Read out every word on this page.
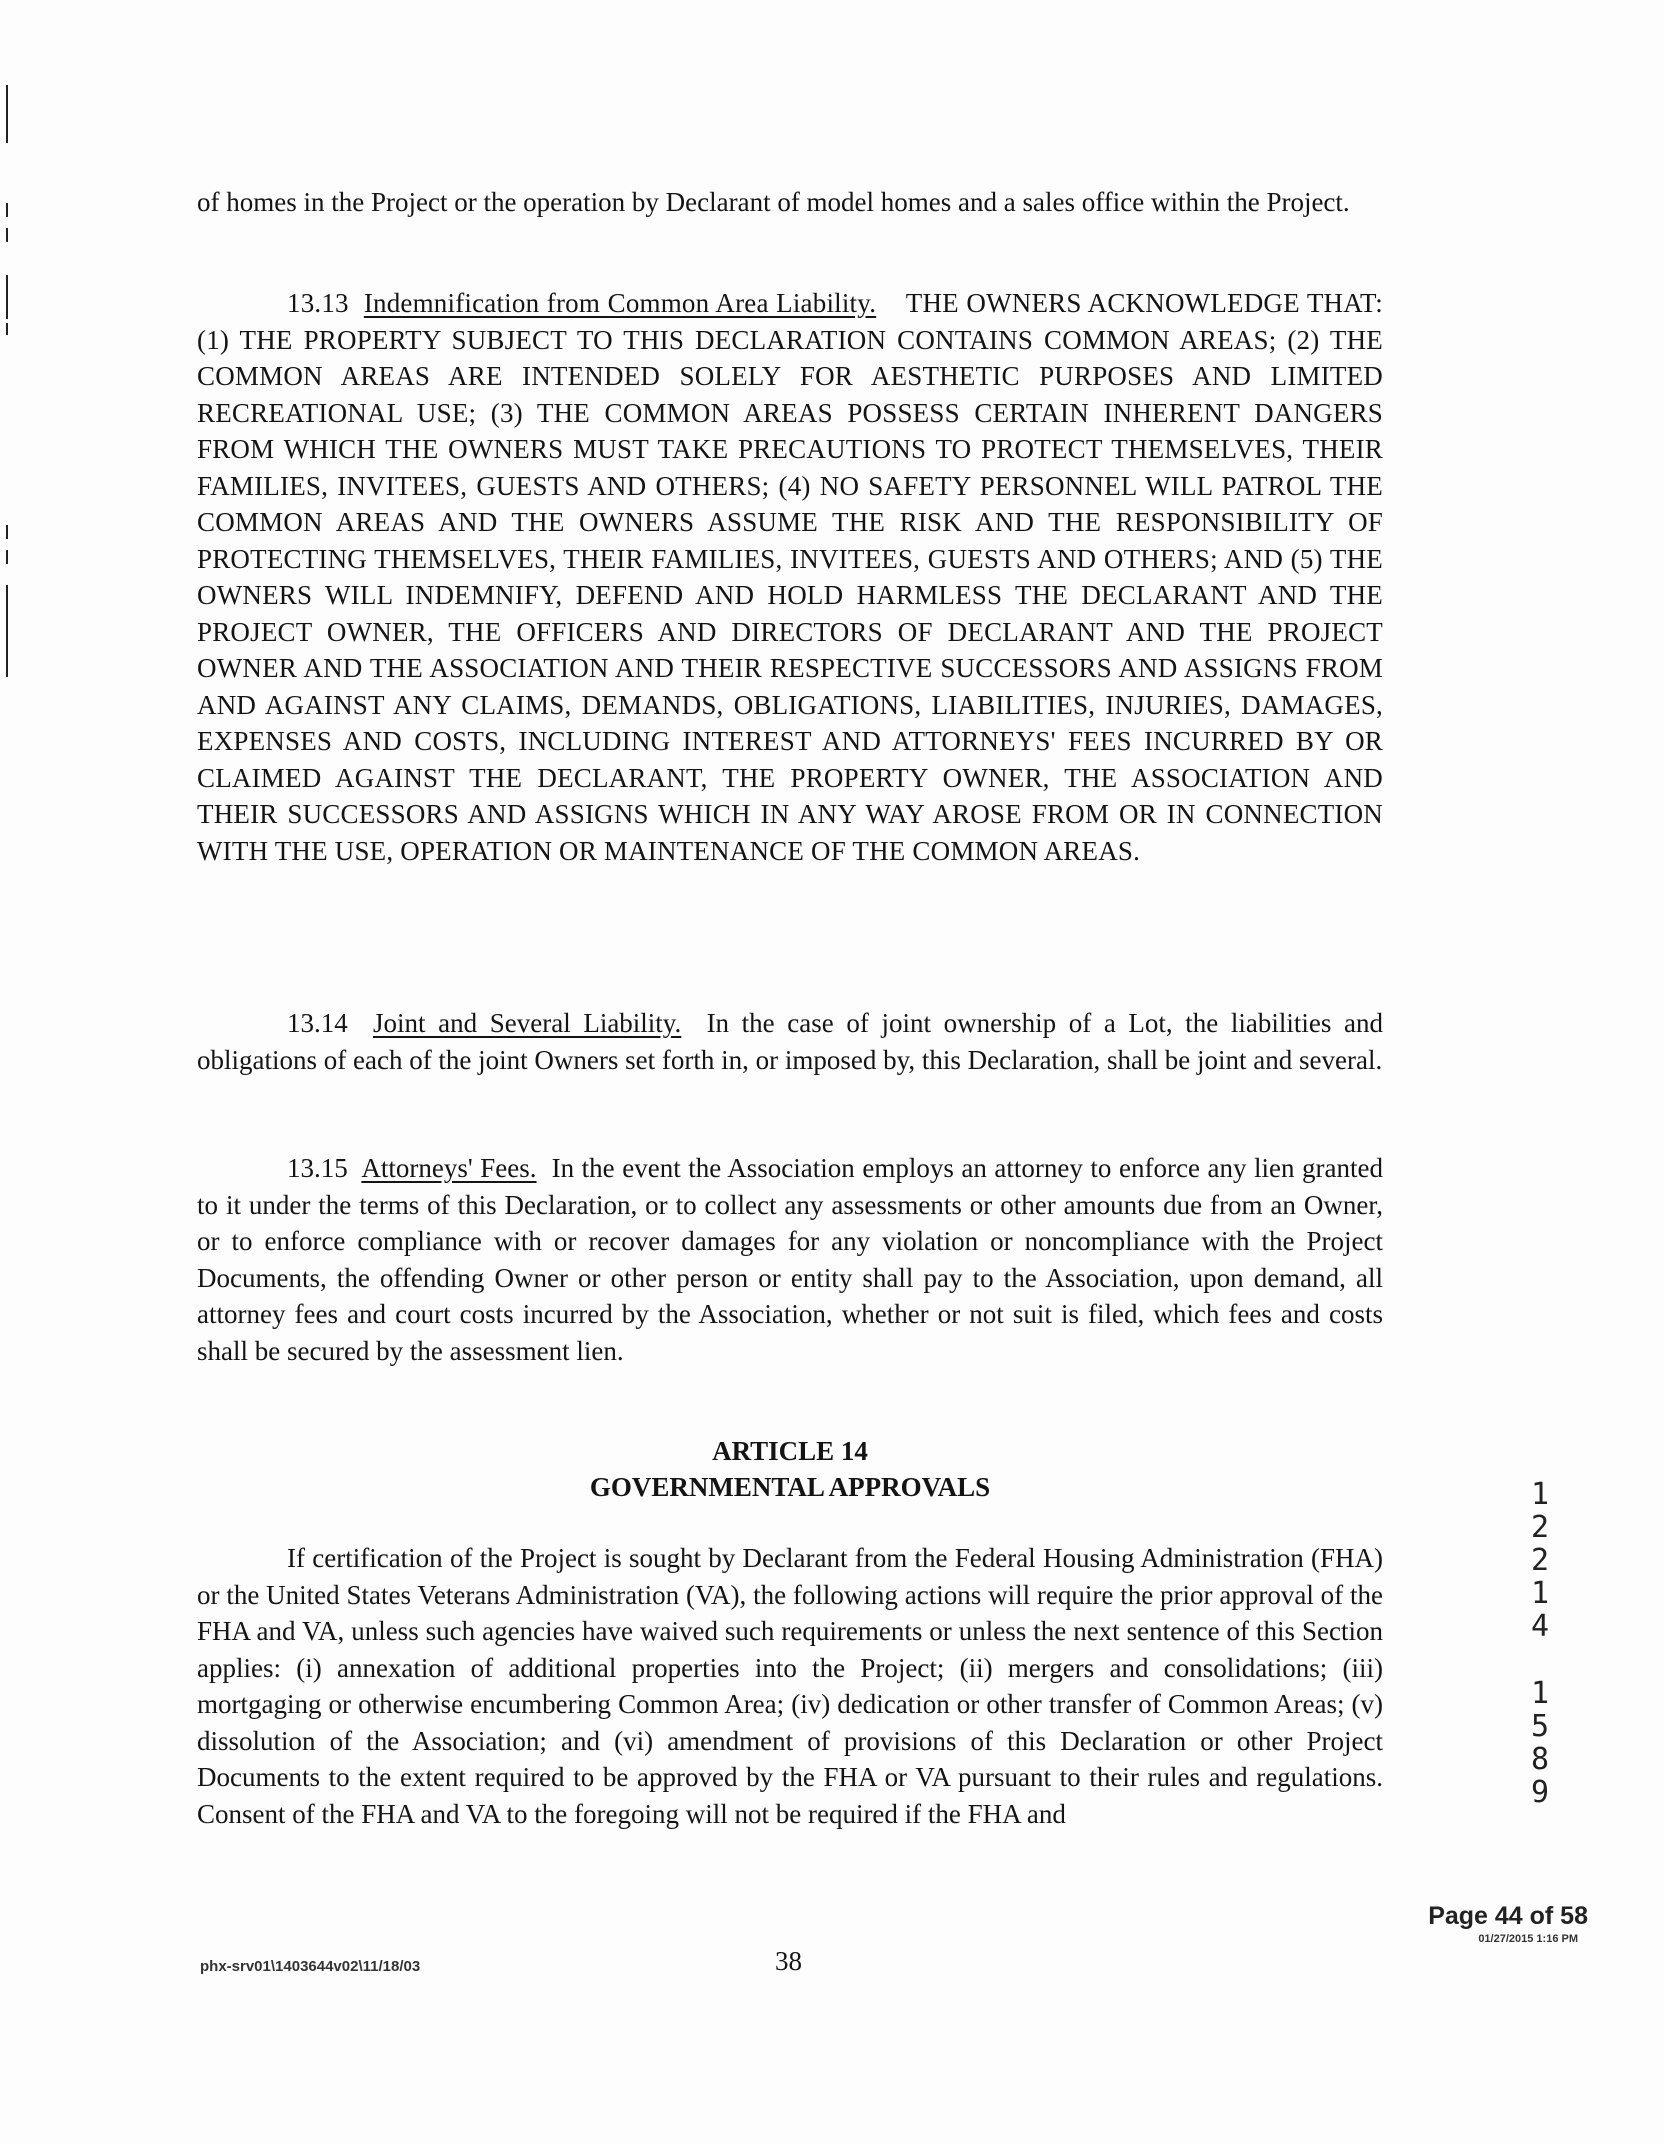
of homes in the Project or the operation by Declarant of model homes and a sales office within the Project.
13.13 Indemnification from Common Area Liability. THE OWNERS ACKNOWLEDGE THAT: (1) THE PROPERTY SUBJECT TO THIS DECLARATION CONTAINS COMMON AREAS; (2) THE COMMON AREAS ARE INTENDED SOLELY FOR AESTHETIC PURPOSES AND LIMITED RECREATIONAL USE; (3) THE COMMON AREAS POSSESS CERTAIN INHERENT DANGERS FROM WHICH THE OWNERS MUST TAKE PRECAUTIONS TO PROTECT THEMSELVES, THEIR FAMILIES, INVITEES, GUESTS AND OTHERS; (4) NO SAFETY PERSONNEL WILL PATROL THE COMMON AREAS AND THE OWNERS ASSUME THE RISK AND THE RESPONSIBILITY OF PROTECTING THEMSELVES, THEIR FAMILIES, INVITEES, GUESTS AND OTHERS; AND (5) THE OWNERS WILL INDEMNIFY, DEFEND AND HOLD HARMLESS THE DECLARANT AND THE PROJECT OWNER, THE OFFICERS AND DIRECTORS OF DECLARANT AND THE PROJECT OWNER AND THE ASSOCIATION AND THEIR RESPECTIVE SUCCESSORS AND ASSIGNS FROM AND AGAINST ANY CLAIMS, DEMANDS, OBLIGATIONS, LIABILITIES, INJURIES, DAMAGES, EXPENSES AND COSTS, INCLUDING INTEREST AND ATTORNEYS' FEES INCURRED BY OR CLAIMED AGAINST THE DECLARANT, THE PROPERTY OWNER, THE ASSOCIATION AND THEIR SUCCESSORS AND ASSIGNS WHICH IN ANY WAY AROSE FROM OR IN CONNECTION WITH THE USE, OPERATION OR MAINTENANCE OF THE COMMON AREAS.
13.14 Joint and Several Liability. In the case of joint ownership of a Lot, the liabilities and obligations of each of the joint Owners set forth in, or imposed by, this Declaration, shall be joint and several.
13.15 Attorneys' Fees. In the event the Association employs an attorney to enforce any lien granted to it under the terms of this Declaration, or to collect any assessments or other amounts due from an Owner, or to enforce compliance with or recover damages for any violation or noncompliance with the Project Documents, the offending Owner or other person or entity shall pay to the Association, upon demand, all attorney fees and court costs incurred by the Association, whether or not suit is filed, which fees and costs shall be secured by the assessment lien.
ARTICLE 14
GOVERNMENTAL APPROVALS
If certification of the Project is sought by Declarant from the Federal Housing Administration (FHA) or the United States Veterans Administration (VA), the following actions will require the prior approval of the FHA and VA, unless such agencies have waived such requirements or unless the next sentence of this Section applies: (i) annexation of additional properties into the Project; (ii) mergers and consolidations; (iii) mortgaging or otherwise encumbering Common Area; (iv) dedication or other transfer of Common Areas; (v) dissolution of the Association; and (vi) amendment of provisions of this Declaration or other Project Documents to the extent required to be approved by the FHA or VA pursuant to their rules and regulations. Consent of the FHA and VA to the foregoing will not be required if the FHA and
1
2
2
1
4
1
5
8
9
Page 44 of 58
01/27/2015 1:16 PM
phx-srv01\1403644v02\11/18/03	38
